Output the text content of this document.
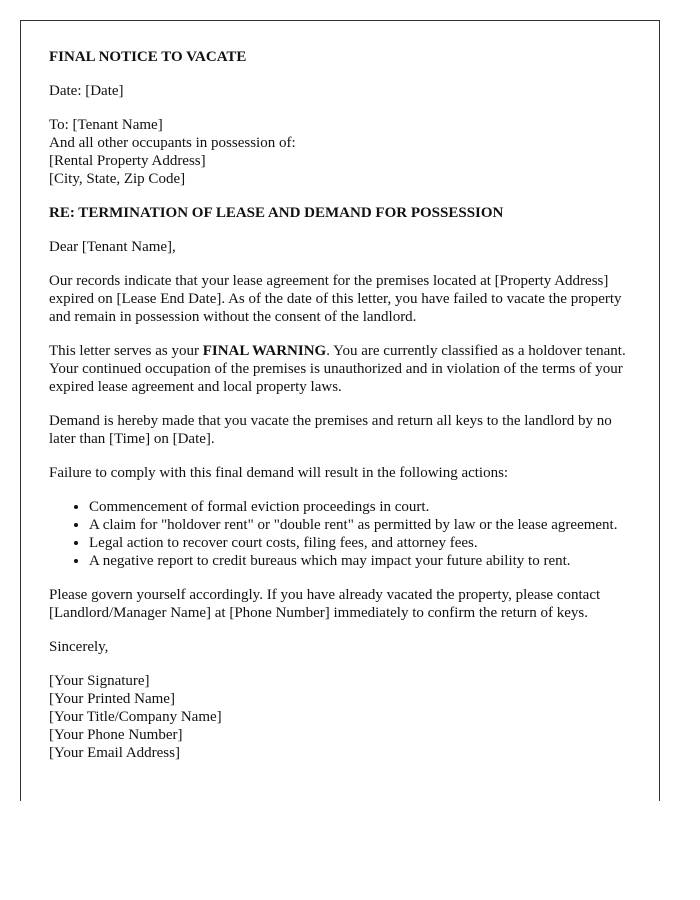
FINAL NOTICE TO VACATE

Date: [Date]

To: [Tenant Name]
And all other occupants in possession of:
[Rental Property Address]
[City, State, Zip Code]

RE: TERMINATION OF LEASE AND DEMAND FOR POSSESSION

Dear [Tenant Name],

Our records indicate that your lease agreement for the premises located at [Property Address] expired on [Lease End Date]. As of the date of this letter, you have failed to vacate the property and remain in possession without the consent of the landlord.

This letter serves as your FINAL WARNING. You are currently classified as a holdover tenant. Your continued occupation of the premises is unauthorized and in violation of the terms of your expired lease agreement and local property laws.

Demand is hereby made that you vacate the premises and return all keys to the landlord by no later than [Time] on [Date].

Failure to comply with this final demand will result in the following actions:

• Commencement of formal eviction proceedings in court.
• A claim for "holdover rent" or "double rent" as permitted by law or the lease agreement.
• Legal action to recover court costs, filing fees, and attorney fees.
• A negative report to credit bureaus which may impact your future ability to rent.

Please govern yourself accordingly. If you have already vacated the property, please contact [Landlord/Manager Name] at [Phone Number] immediately to confirm the return of keys.

Sincerely,

[Your Signature]
[Your Printed Name]
[Your Title/Company Name]
[Your Phone Number]
[Your Email Address]
